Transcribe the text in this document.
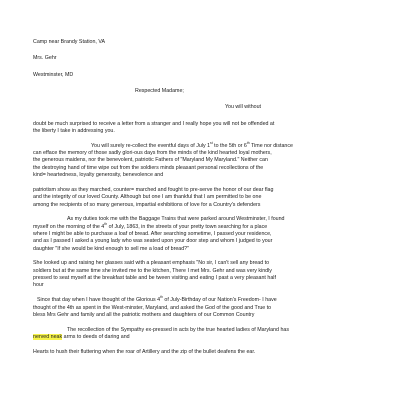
Camp near Brandy Station, VA
Mrs. Gehr
Westminster, MD
Respected Madame;
You will without
doubt be much surprised to receive a letter from a stranger and I really hope you will not be offended at
the liberty I take in addressing you.
You will surely re-collect the eventful days of July 1st to the 5th or 6th Time nor distance
can efface the memory of those sadly glori-ous days from the minds of the kind hearted loyal mothers,
the generous maidens, nor the benevolent, patriotic Fathers of "Maryland My Maryland." Neither can
the destroying hand of time wipe out from the soldiers minds pleasant personal recollections of the
kind= heartedness, loyalty generosity, benevolence and
patriotism show as they marched, counter= marched and fought to pre-serve the honor of our dear flag
and the integrity of our loved County. Although but one I am thankful that I am permitted to be one
among the recipients of so many generous, impartial exhibitions of love for a Country's defenders
As my duties took me with the Baggage Trains that were parked around Westminster, I found
myself on the morning of the 4th of July, 1863, in the streets of your pretty town searching for a place
where I might be able to purchase a loaf of bread. After searching sometime, I passed your residence,
and as I passed I asked a young lady who was seated upon your door step and whom I judged to your
daughter "If she would be kind enough to sell me a load of bread?"
She looked up and raising her glasses said with a pleasant emphasis "No sir, I can't sell any bread to
soldiers but at the same time she invited me to the kitchen, There I met Mrs. Gehr and was very kindly
pressed to seat myself at the breakfast table and be tween visiting and eating I past a very pleasant half
hour
Since that day when I have thought of the Glorious 4th of July-Birthday of our Nation's Freedom- I have
thought of the 4th as spent in the West-minster, Maryland, and asked the God of the good and True to
bless Mrs Gehr and family and all the patriotic mothers and daughters of our Common Country
The recollection of the Sympathy ex-pressed in acts by the true hearted ladies of Maryland has
nerved neak arms to deeds of daring and
Hearts to hush their fluttering when the roar of Artillery and the zip of the bullet deafens the ear.
